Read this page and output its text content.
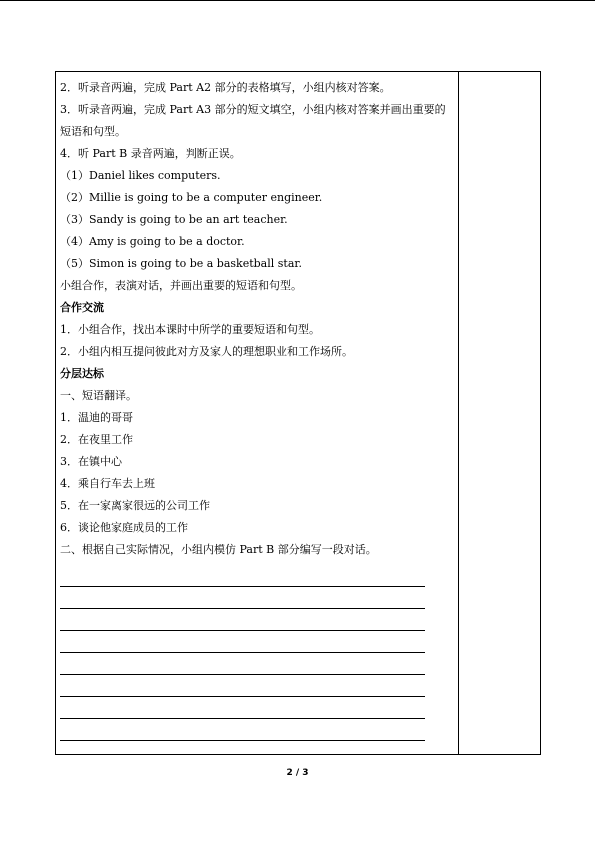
2．听录音两遍，完成 Part A2 部分的表格填写，小组内核对答案。
3．听录音两遍，完成 Part A3 部分的短文填空，小组内核对答案并画出重要的短语和句型。
4．听 Part B 录音两遍，判断正误。
（1）Daniel likes computers.
（2）Millie is going to be a computer engineer.
（3）Sandy is going to be an art teacher.
（4）Amy is going to be a doctor.
（5）Simon is going to be a basketball star.
小组合作，表演对话，并画出重要的短语和句型。
合作交流
1．小组合作，找出本课时中所学的重要短语和句型。
2．小组内相互提问彼此对方及家人的理想职业和工作场所。
分层达标
一、短语翻译。
1．温迪的哥哥
2．在夜里工作
3．在镇中心
4．乘自行车去上班
5．在一家离家很远的公司工作
6．谈论他家庭成员的工作
二、根据自己实际情况，小组内模仿 Part B 部分编写一段对话。
2 / 3
